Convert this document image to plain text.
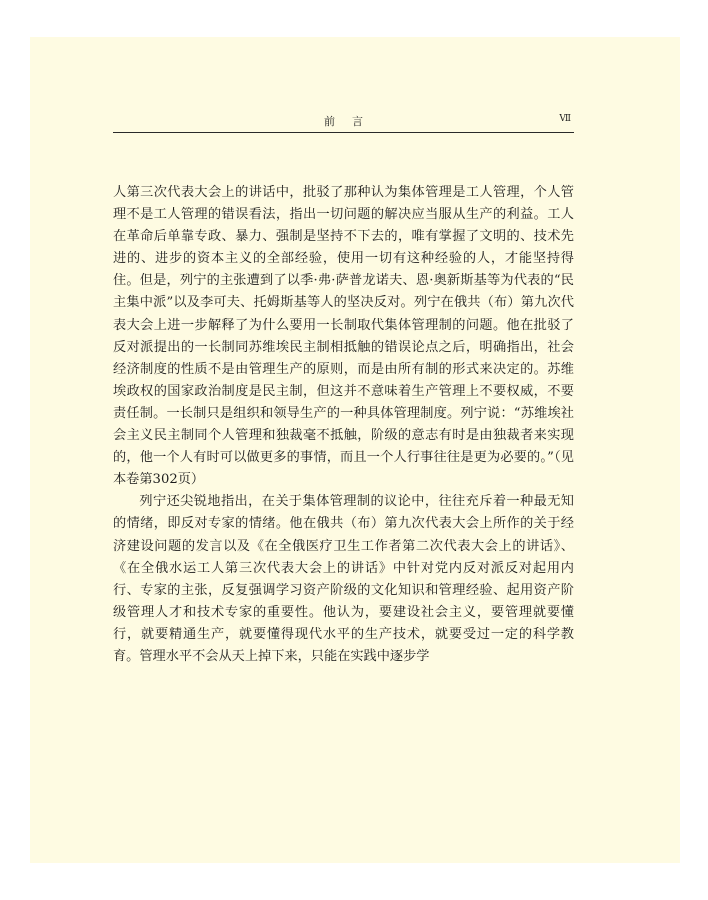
前言	Ⅶ

人第三次代表大会上的讲话中，批驳了那种认为集体管理是工人管理，个人管理不是工人管理的错误看法，指出一切问题的解决应当服从生产的利益。工人在革命后单靠专政、暴力、强制是坚持不下去的，唯有掌握了文明的、技术先进的、进步的资本主义的全部经验，使用一切有这种经验的人，才能坚持得住。但是，列宁的主张遭到了以季·弗·萨普龙诺夫、恩·奥新斯基等为代表的“民主集中派”以及李可夫、托姆斯基等人的坚决反对。列宁在俄共（布）第九次代表大会上进一步解释了为什么要用一长制取代集体管理制的问题。他在批驳了反对派提出的一长制同苏维埃民主制相抵触的错误论点之后，明确指出，社会经济制度的性质不是由管理生产的原则，而是由所有制的形式来决定的。苏维埃政权的国家政治制度是民主制，但这并不意味着生产管理上不要权威，不要责任制。一长制只是组织和领导生产的一种具体管理制度。列宁说：“苏维埃社会主义民主制同个人管理和独裁毫不抵触，阶级的意志有时是由独裁者来实现的，他一个人有时可以做更多的事情，而且一个人行事往往是更为必要的。”（见本卷第302页）

列宁还尖锐地指出，在关于集体管理制的议论中，往往充斥着一种最无知的情绪，即反对专家的情绪。他在俄共（布）第九次代表大会上所作的关于经济建设问题的发言以及《在全俄医疗卫生工作者第二次代表大会上的讲话》、《在全俄水运工人第三次代表大会上的讲话》中针对党内反对派反对起用内行、专家的主张，反复强调学习资产阶级的文化知识和管理经验、起用资产阶级管理人才和技术专家的重要性。他认为，要建设社会主义，要管理就要懂行，就要精通生产，就要懂得现代水平的生产技术，就要受过一定的科学教育。管理水平不会从天上掉下来，只能在实践中逐步学
